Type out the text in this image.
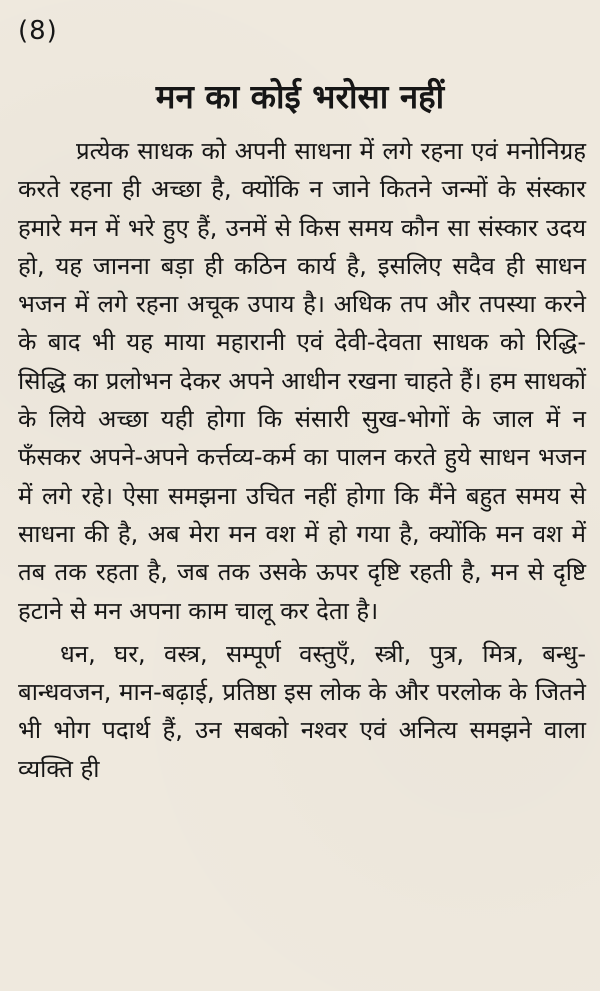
(8)
मन का कोई भरोसा नहीं

प्रत्येक साधक को अपनी साधना में लगे रहना एवं मनोनिग्रह करते रहना ही अच्छा है, क्योंकि न जाने कितने जन्मों के संस्कार हमारे मन में भरे हुए हैं, उनमें से किस समय कौन सा संस्कार उदय हो, यह जानना बड़ा ही कठिन कार्य है, इसलिए सदैव ही साधन भजन में लगे रहना अचूक उपाय है। अधिक तप और तपस्या करने के बाद भी यह माया महारानी एवं देवी-देवता साधक को रिद्धि-सिद्धि का प्रलोभन देकर अपने आधीन रखना चाहते हैं। हम साधकों के लिये अच्छा यही होगा कि संसारी सुख-भोगों के जाल में न फँसकर अपने-अपने कर्त्तव्य-कर्म का पालन करते हुये साधन भजन में लगे रहे। ऐसा समझना उचित नहीं होगा कि मैंने बहुत समय से साधना की है, अब मेरा मन वश में हो गया है, क्योंकि मन वश में तब तक रहता है, जब तक उसके ऊपर दृष्टि रहती है, मन से दृष्टि हटाने से मन अपना काम चालू कर देता है।

धन, घर, वस्त्र, सम्पूर्ण वस्तुएँ, स्त्री, पुत्र, मित्र, बन्धु-बान्धवजन, मान-बढ़ाई, प्रतिष्ठा इस लोक के और परलोक के जितने भी भोग पदार्थ हैं, उन सबको नश्वर एवं अनित्य समझने वाला व्यक्ति ही
